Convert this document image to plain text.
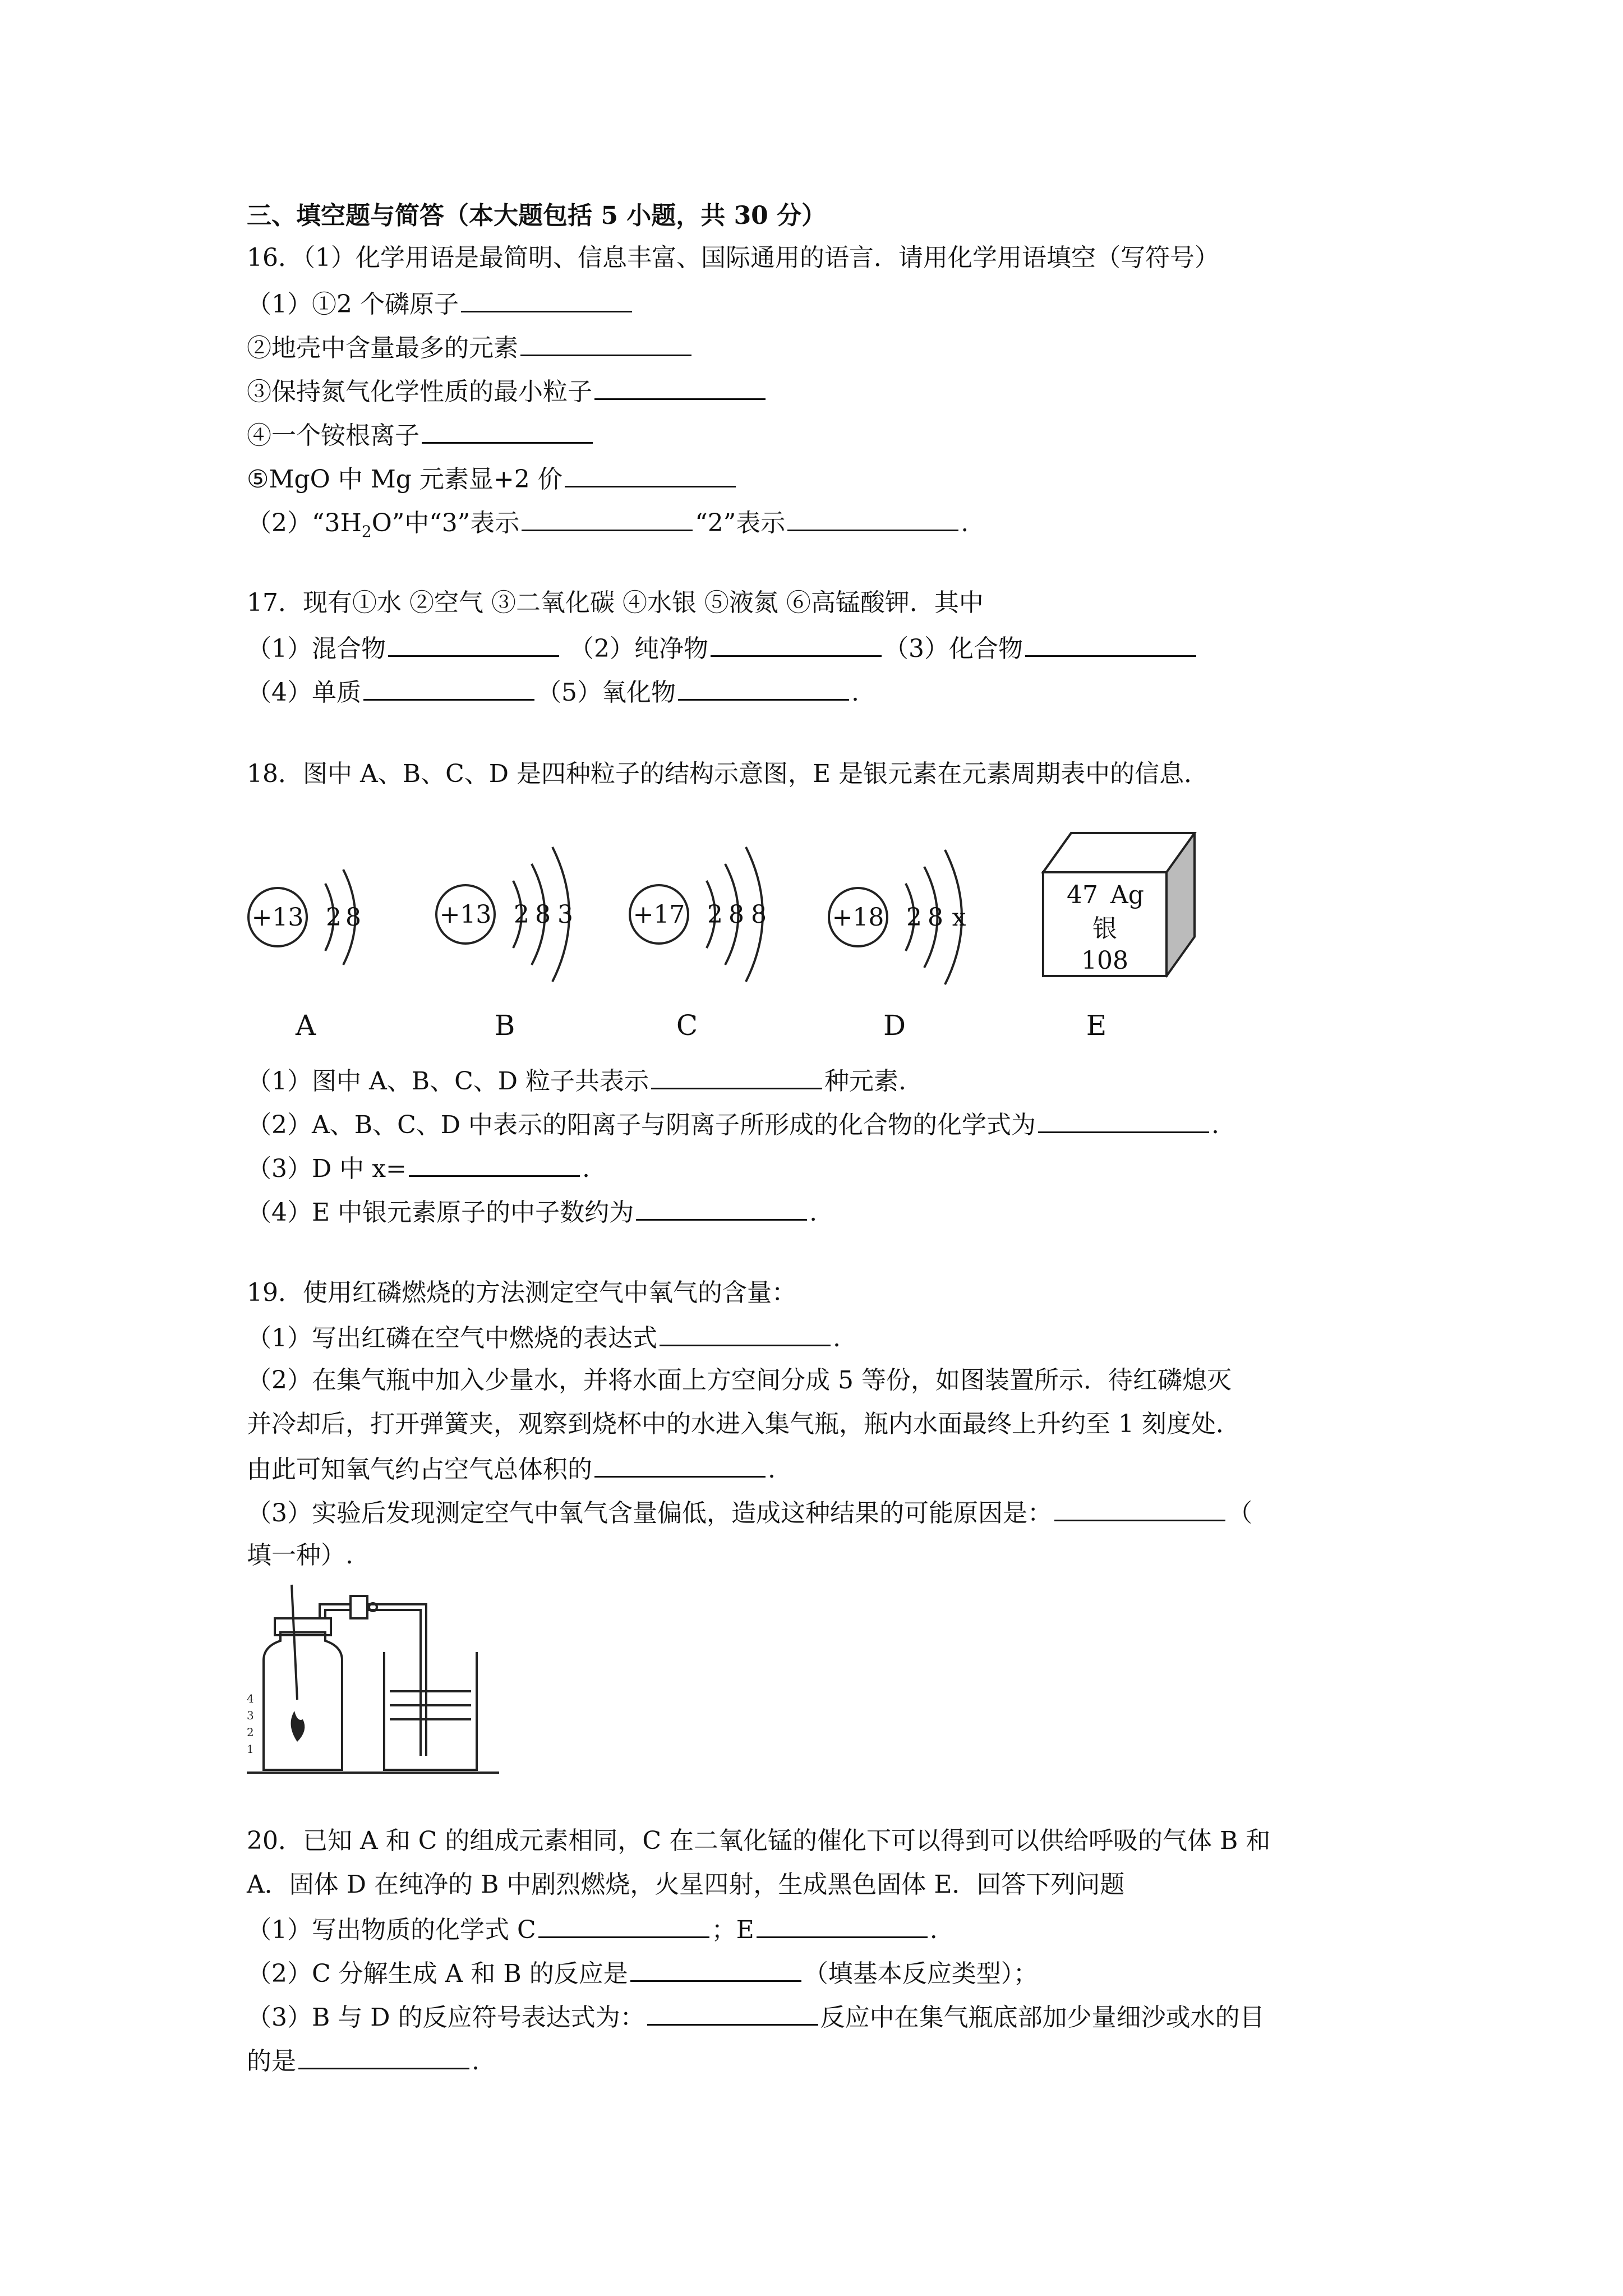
三、填空题与简答（本大题包括 5 小题，共 30 分）
16．（1）化学用语是最简明、信息丰富、国际通用的语言．请用化学用语填空（写符号）
（1）①2 个磷原子
②地壳中含量最多的元素
③保持氮气化学性质的最小粒子
④一个铵根离子
⑤MgO 中 Mg 元素显+2 价
$(2)“3H_2O$”中“3”表示	“2”表示	.
17．现有①水 ②空气 ③二氧化碳 ④水银 ⑤液氮 ⑥高锰酸钾．其中
（1）混合物	（2）纯净物	（3）化合物
（4）单质	（5）氧化物	.
18．图中 A、B、C、D 是四种粒子的结构示意图，E 是银元素在元素周期表中的信息．
+13 2 8	+13 2 8 3 +17 2 8 8	+18 2 8 x
47 Ag
银
108
A	B	C	D	E
（1）图中 A、B、C、D 粒子共表示	种元素.
（2）A、B、C、D 中表示的阳离子与阴离子所形成的化合物的化学式为	.
（3）D 中 x=	.
（4）E 中银元素原子的中子数约为	.
19．使用红磷燃烧的方法测定空气中氧气的含量：
（1）写出红磷在空气中燃烧的表达式	.
（2）在集气瓶中加入少量水，并将水面上方空间分成 5 等份，如图装置所示．待红磷熄灭
并冷却后，打开弹簧夹，观察到烧杯中的水进入集气瓶，瓶内水面最终上升约至 1 刻度处．
由此可知氧气约占空气总体积的	.
（3）实验后发现测定空气中氧气含量偏低，造成这种结果的可能原因是：	（
填一种）.
4
3
2
1
20．已知 A 和 C 的组成元素相同，C 在二氧化锰的催化下可以得到可以供给呼吸的气体 B 和
A．固体 D 在纯净的 B 中剧烈燃烧，火星四射，生成黑色固体 E．回答下列问题
（1）写出物质的化学式 C	；E	.
（2）C 分解生成 A 和 B 的反应是	（填基本反应类型）；
（3）B 与 D 的反应符号表达式为：	反应中在集气瓶底部加少量细沙或水的目
的是	.
